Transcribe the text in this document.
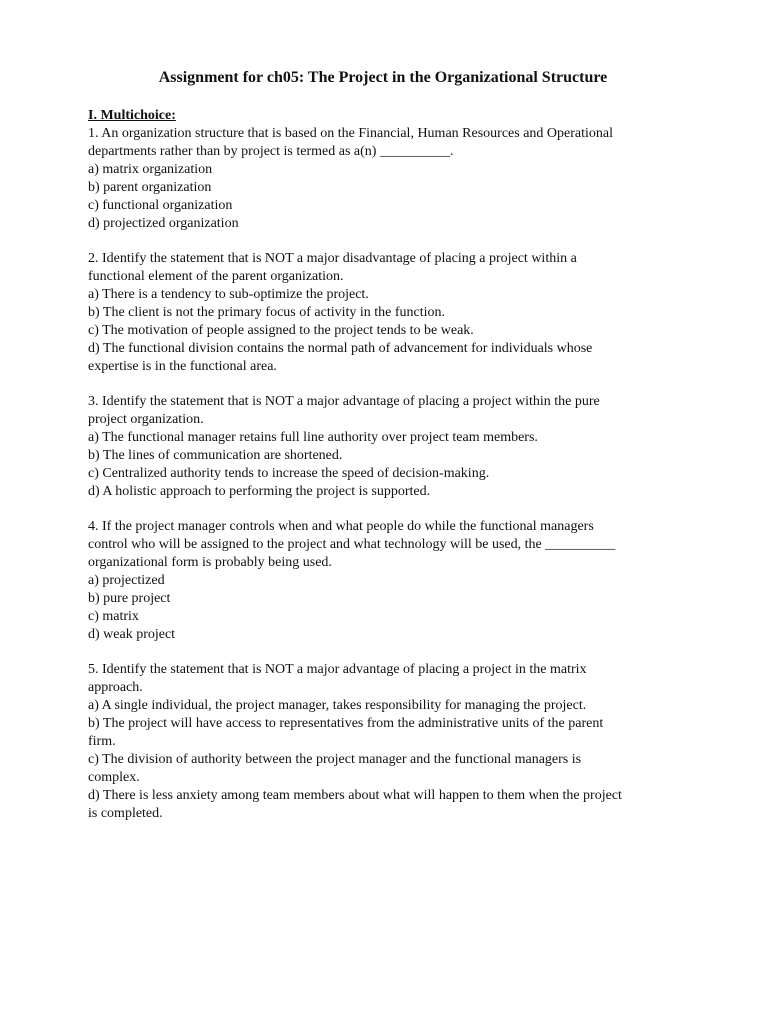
Assignment for ch05: The Project in the Organizational Structure
I. Multichoice:

1. An organization structure that is based on the Financial, Human Resources and Operational

departments rather than by project is termed as a(n) __________.

a) matrix organization
b) parent organization
c) functional organization
d) projectized organization

2. Identify the statement that is NOT a major disadvantage of placing a project within a

functional element of the parent organization.

a) There is a tendency to sub-optimize the project.
b) The client is not the primary focus of activity in the function.
c) The motivation of people assigned to the project tends to be weak.
d) The functional division contains the normal path of advancement for individuals whose
expertise is in the functional area.

3. Identify the statement that is NOT a major advantage of placing a project within the pure

project organization.

a) The functional manager retains full line authority over project team members.
b) The lines of communication are shortened.
c) Centralized authority tends to increase the speed of decision-making.
d) A holistic approach to performing the project is supported.

4. If the project manager controls when and what people do while the functional managers

control who will be assigned to the project and what technology will be used, the __________

organizational form is probably being used.

a) projectized
b) pure project
c) matrix
d) weak project

5. Identify the statement that is NOT a major advantage of placing a project in the matrix

approach.

a) A single individual, the project manager, takes responsibility for managing the project.
b) The project will have access to representatives from the administrative units of the parent
firm.
c) The division of authority between the project manager and the functional managers is
complex.
d) There is less anxiety among team members about what will happen to them when the project
is completed.
